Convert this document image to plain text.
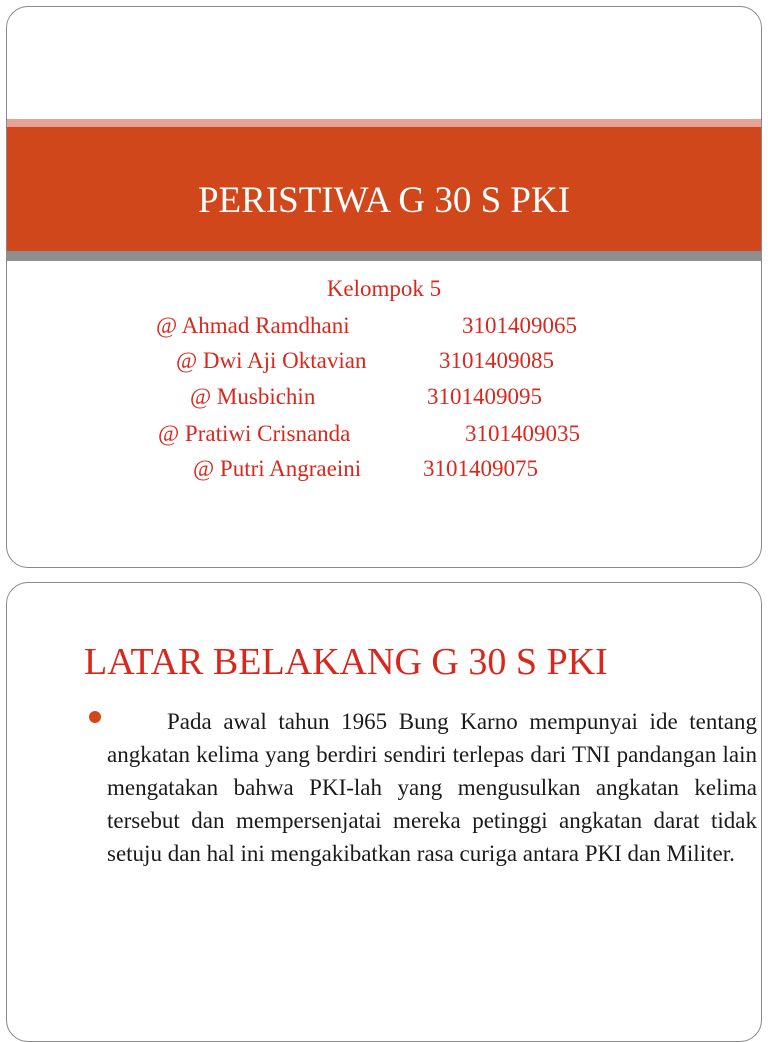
PERISTIWA G 30 S PKI
Kelompok 5
@ Ahmad Ramdhani	3101409065
@ Dwi Aji Oktavian	3101409085
@ Musbichin	3101409095
@ Pratiwi Crisnanda	3101409035
@ Putri Angraeini	3101409075
LATAR BELAKANG G 30 S PKI
Pada awal tahun 1965 Bung Karno mempunyai ide tentang angkatan kelima yang berdiri sendiri terlepas dari TNI pandangan lain mengatakan bahwa PKI-lah yang mengusulkan angkatan kelima tersebut dan mempersenjatai mereka petinggi angkatan darat tidak setuju dan hal ini mengakibatkan rasa curiga antara PKI dan Militer.
